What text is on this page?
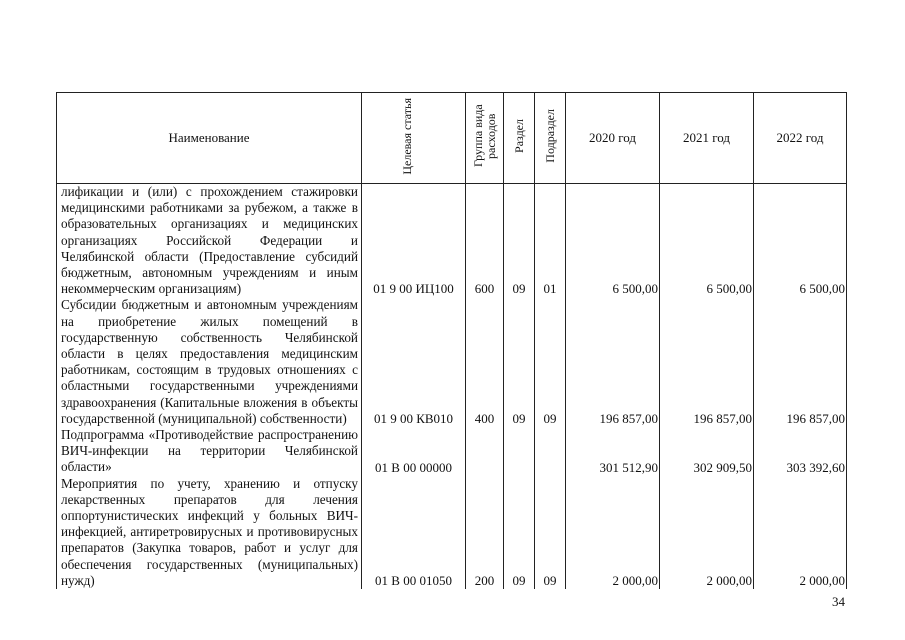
Наименование	Целевая статья	Группа вида расходов	Раздел	Подраздел	2020 год	2021 год	2022 год
лификации и (или) с прохождением стажировки медицинскими работниками за рубежом, а также в образовательных организациях и медицинских организациях Российской Федерации и Челябинской области (Предоставление субсидий бюджетным, автономным учреждениям и иным некоммерческим организациям)	01 9 00 ИЦ100	600	09	01	6 500,00	6 500,00	6 500,00

Субсидии бюджетным и автономным учреждениям на приобретение жилых помещений в государственную собственность Челябинской области в целях предоставления медицинским работникам, состоящим в трудовых отношениях с областными государственными учреждениями здравоохранения (Капитальные вложения в объекты государственной (муниципальной) собственности)	01 9 00 КВ010	400	09	09	196 857,00	196 857,00	196 857,00

Подпрограмма «Противодействие распространению ВИЧ-инфекции на территории Челябинской области»	01 В 00 00000				301 512,90	302 909,50	303 392,60

Мероприятия по учету, хранению и отпуску лекарственных препаратов для лечения оппортунистических инфекций у больных ВИЧ-инфекцией, антиретровирусных и противовирусных препаратов (Закупка товаров, работ и услуг для обеспечения государственных (муниципальных) нужд)	01 В 00 01050	200	09	09	2 000,00	2 000,00	2 000,00
34
